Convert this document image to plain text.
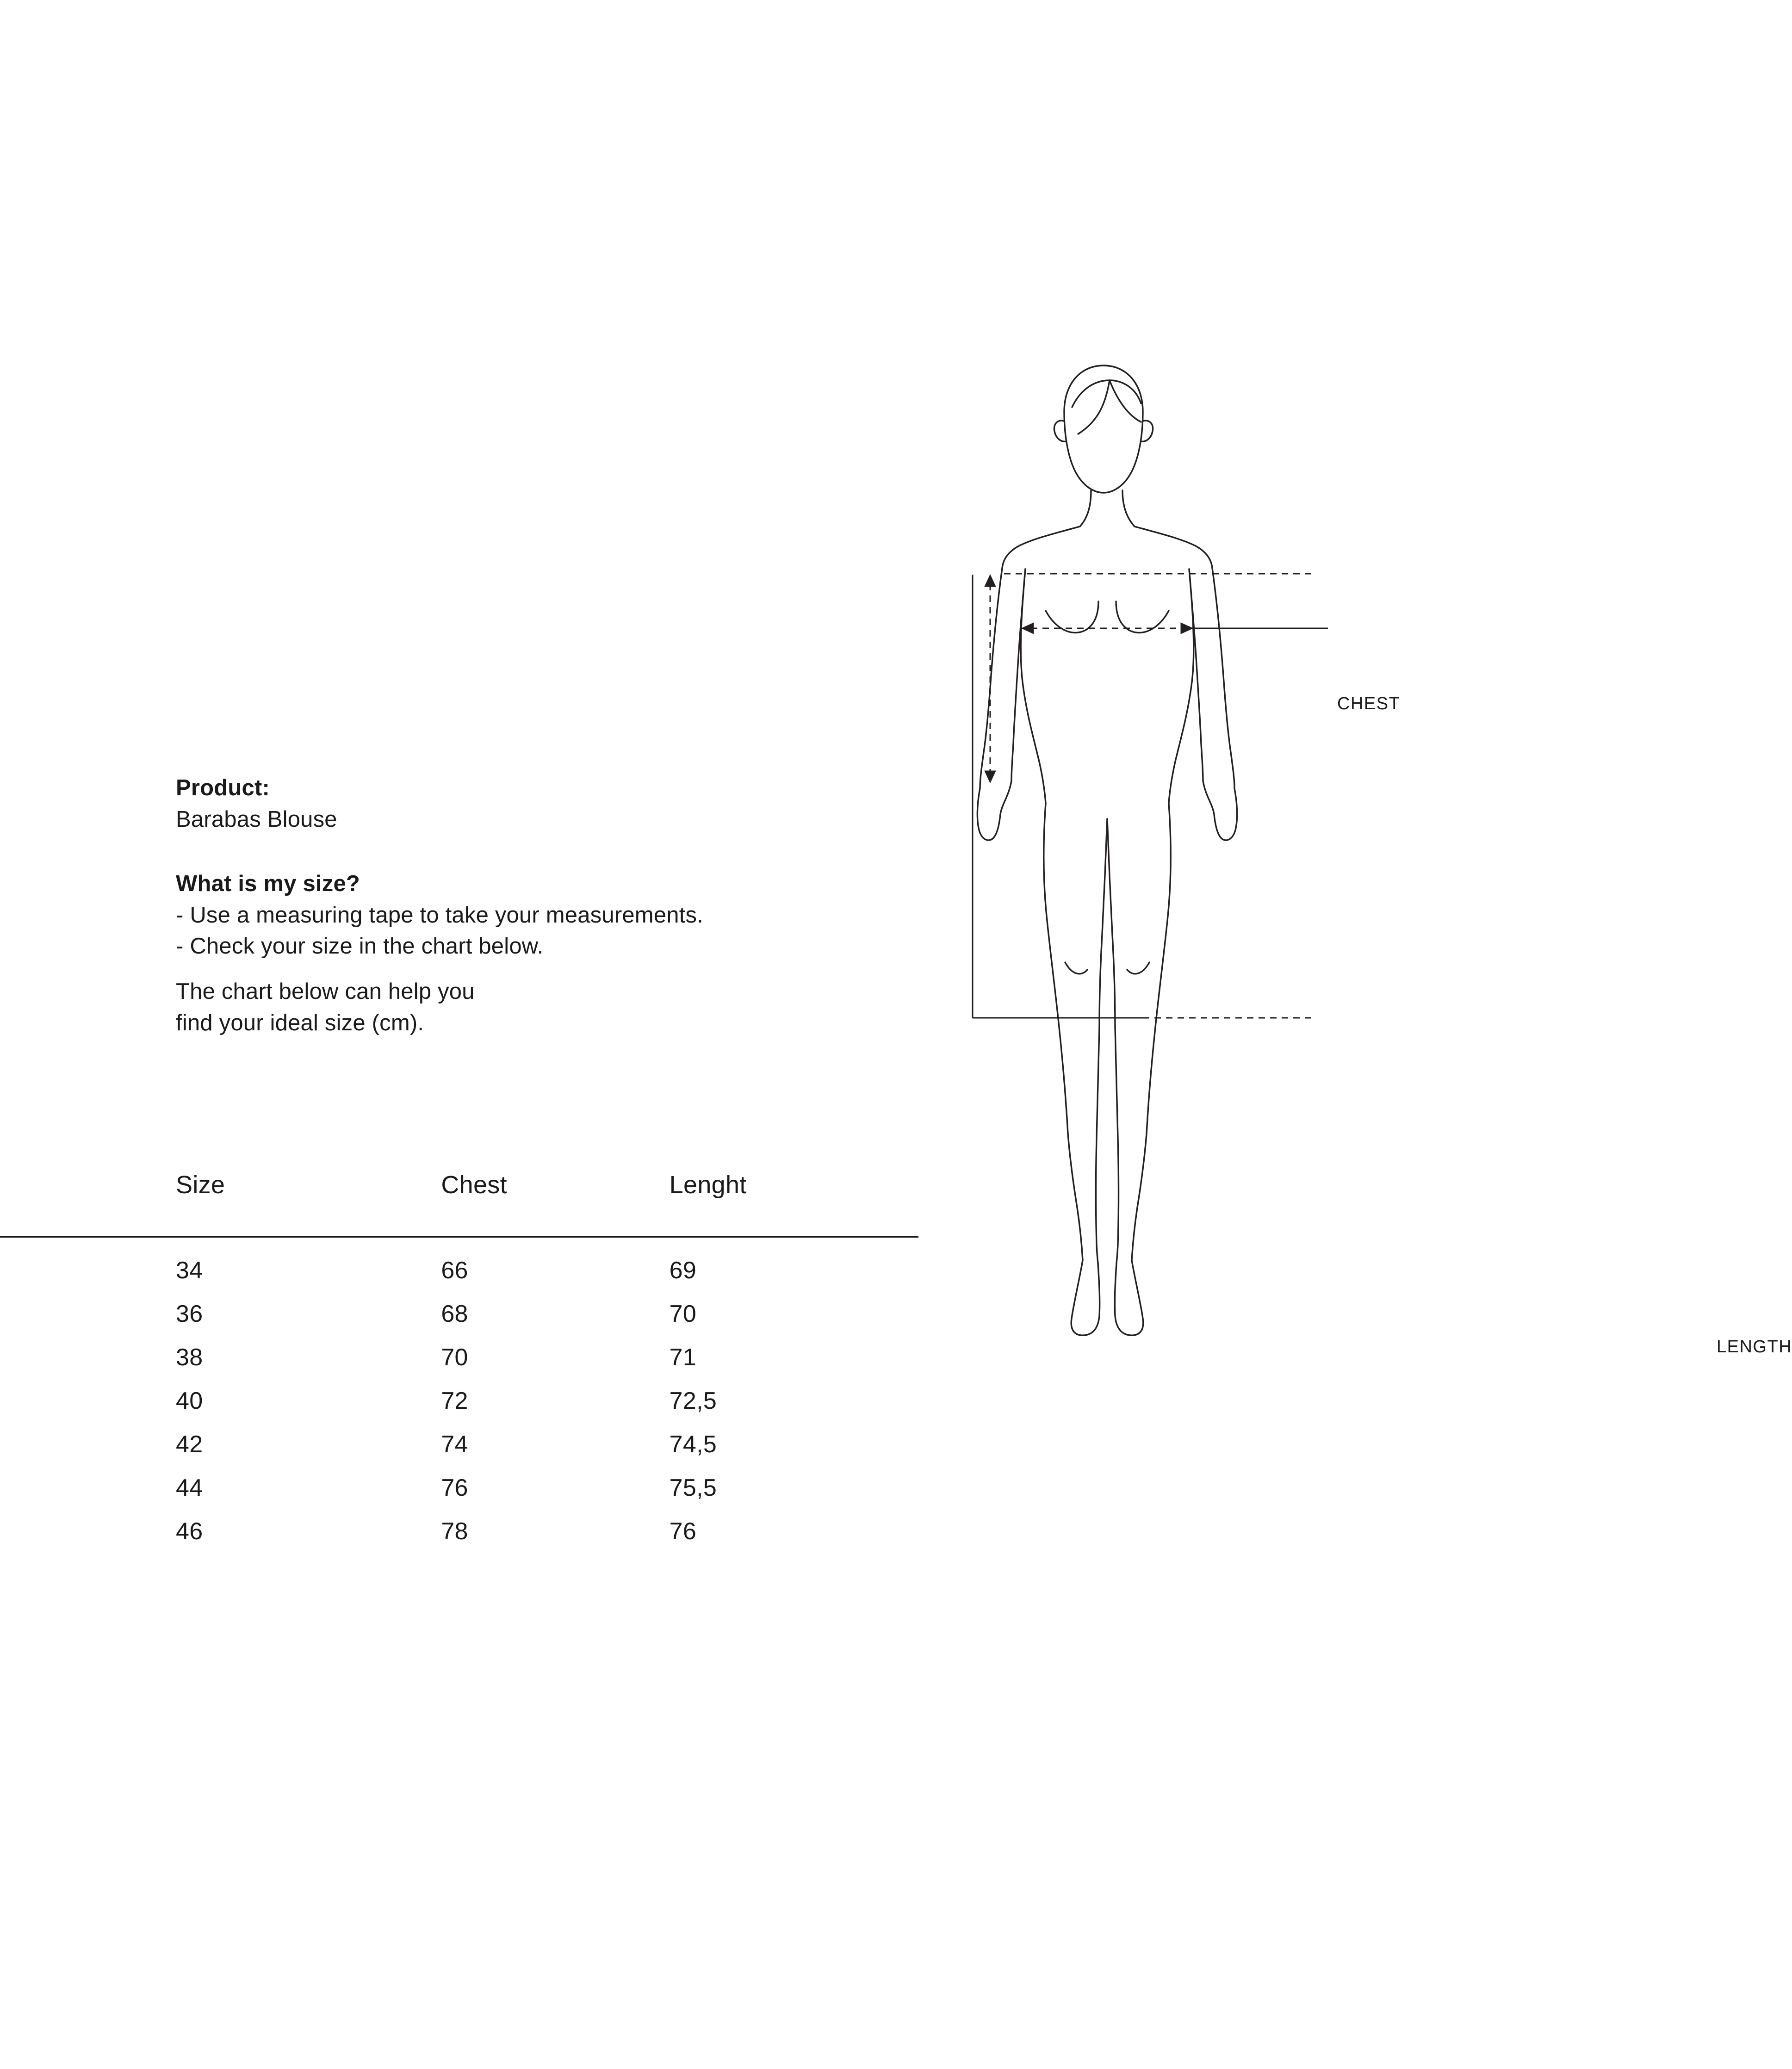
Product:
Barabas Blouse
What is my size?
- Use a measuring tape to take your measurements.
- Check your size in the chart below.
The chart below can help you
find your ideal size (cm).
Size	Chest	Lenght
34	66	69
36	68	70
38	70	71
40	72	72,5
42	74	74,5
44	76	75,5
46	78	76
CHEST
LENGTH
